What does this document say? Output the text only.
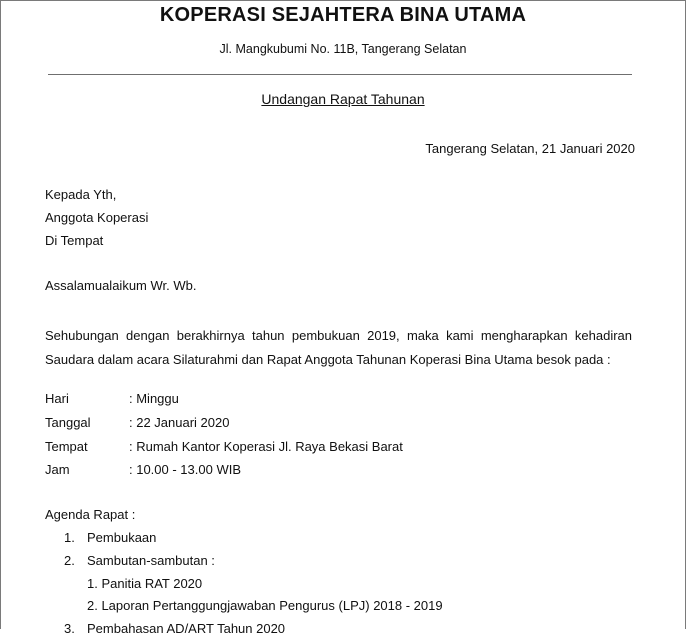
KOPERASI SEJAHTERA BINA UTAMA
Jl. Mangkubumi No. 11B, Tangerang Selatan
Undangan Rapat Tahunan
Tangerang Selatan, 21 Januari 2020
Kepada Yth,
Anggota Koperasi
Di Tempat
Assalamualaikum Wr. Wb.
Sehubungan dengan berakhirnya tahun pembukuan 2019, maka kami mengharapkan kehadiran
Saudara dalam acara Silaturahmi dan Rapat Anggota Tahunan Koperasi Bina Utama besok pada :
Hari	: Minggu
Tanggal	: 22 Januari 2020
Tempat	: Rumah Kantor Koperasi Jl. Raya Bekasi Barat
Jam	: 10.00 - 13.00 WIB
Agenda Rapat :
1. Pembukaan
2. Sambutan-sambutan :
1. Panitia RAT 2020
2. Laporan Pertanggungjawaban Pengurus (LPJ) 2018 - 2019
3. Pembahasan AD/ART Tahun 2020
